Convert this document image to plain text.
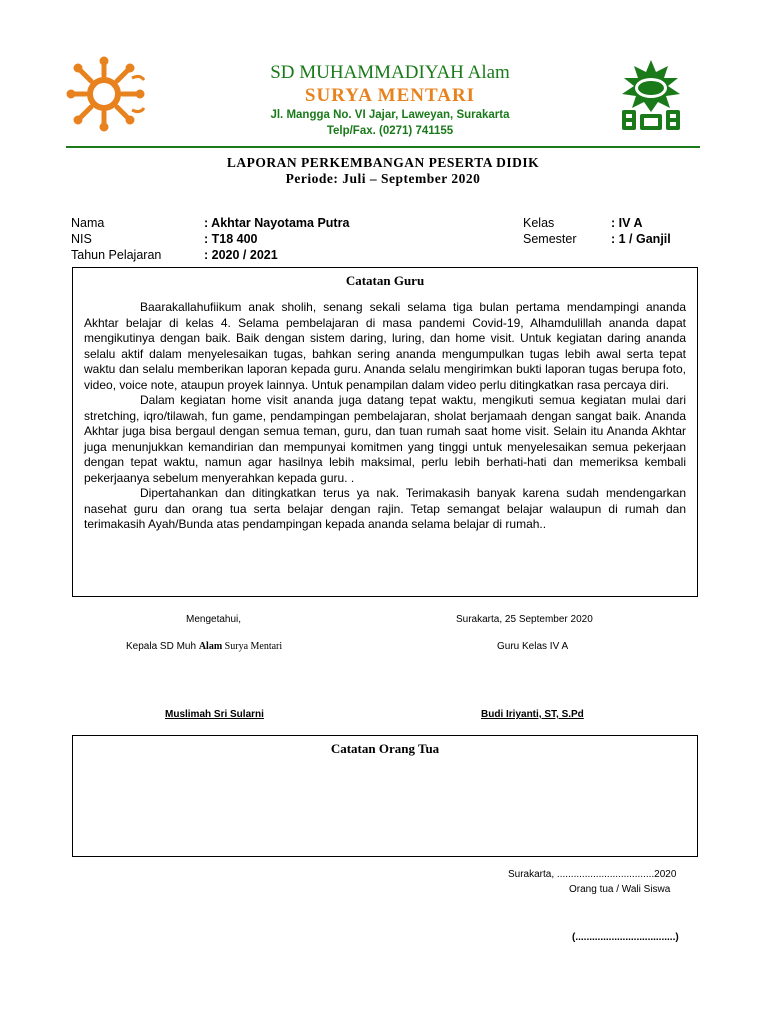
SD MUHAMMADIYAH Alam
SURYA MENTARI
Jl. Mangga No. VI Jajar, Laweyan, Surakarta
Telp/Fax. (0271) 741155
LAPORAN PERKEMBANGAN PESERTA DIDIK
Periode: Juli – September 2020
Nama	: Akhtar Nayotama Putra
NIS	: T18 400
Tahun Pelajaran	: 2020 / 2021
Kelas	: IV A
Semester	: 1 / Ganjil
Catatan Guru

Baarakallahufiikum anak sholih, senang sekali selama tiga bulan pertama mendampingi ananda Akhtar belajar di kelas 4. Selama pembelajaran di masa pandemi Covid-19, Alhamdulillah ananda dapat mengikutinya dengan baik. Baik dengan sistem daring, luring, dan home visit. Untuk kegiatan daring ananda selalu aktif dalam menyelesaikan tugas, bahkan sering ananda mengumpulkan tugas lebih awal serta tepat waktu dan selalu memberikan laporan kepada guru. Ananda selalu mengirimkan bukti laporan tugas berupa foto, video, voice note, ataupun proyek lainnya. Untuk penampilan dalam video perlu ditingkatkan rasa percaya diri.

Dalam kegiatan home visit ananda juga datang tepat waktu, mengikuti semua kegiatan mulai dari stretching, iqro/tilawah, fun game, pendampingan pembelajaran, sholat berjamaah dengan sangat baik. Ananda Akhtar juga bisa bergaul dengan semua teman, guru, dan tuan rumah saat home visit. Selain itu Ananda Akhtar juga menunjukkan kemandirian dan mempunyai komitmen yang tinggi untuk menyelesaikan semua pekerjaan dengan tepat waktu, namun agar hasilnya lebih maksimal, perlu lebih berhati-hati dan memeriksa kembali pekerjaanya sebelum menyerahkan kepada guru. .

Dipertahankan dan ditingkatkan terus ya nak. Terimakasih banyak karena sudah mendengarkan nasehat guru dan orang tua serta belajar dengan rajin. Tetap semangat belajar walaupun di rumah dan terimakasih Ayah/Bunda atas pendampingan kepada ananda selama belajar di rumah..

Mengetahui,	Surakarta, 25 September 2020
Kepala SD Muh Alam Surya Mentari	Guru Kelas IV A
Muslimah Sri Sularni	Budi Iriyanti, ST, S.Pd
Catatan Orang Tua
Surakarta, ...................................2020
Orang tua / Wali Siswa
(....................................)
